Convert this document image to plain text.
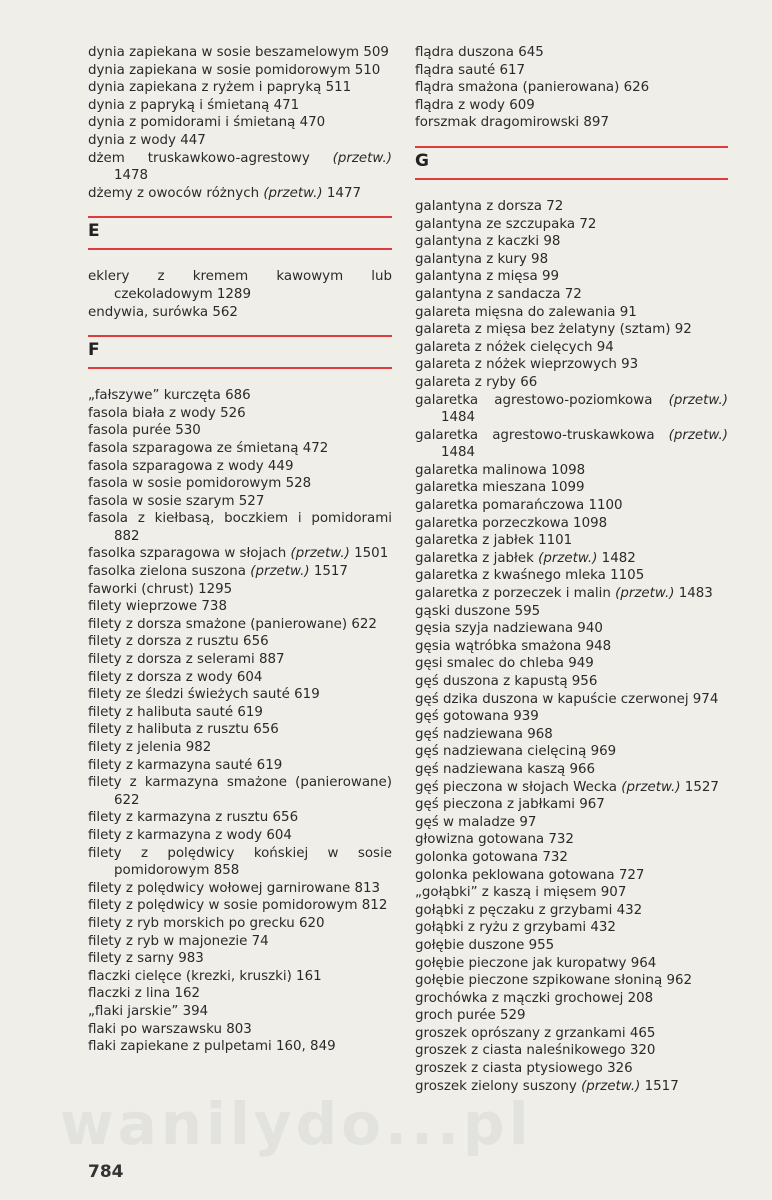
dynia zapiekana w sosie beszamelowym 509
dynia zapiekana w sosie pomidorowym 510
dynia zapiekana z ryżem i papryką 511
dynia z papryką i śmietaną 471
dynia z pomidorami i śmietaną 470
dynia z wody 447
dżem truskawkowo-agrestowy (przetw.) 1478
dżemy z owoców różnych (przetw.) 1477
E
eklery z kremem kawowym lub czekoladowym 1289
endywia, surówka 562
F
„fałszywe” kurczęta 686
fasola biała z wody 526
fasola purée 530
fasola szparagowa ze śmietaną 472
fasola szparagowa z wody 449
fasola w sosie pomidorowym 528
fasola w sosie szarym 527
fasola z kiełbasą, boczkiem i pomidorami 882
fasolka szparagowa w słojach (przetw.) 1501
fasolka zielona suszona (przetw.) 1517
faworki (chrust) 1295
filety wieprzowe 738
filety z dorsza smażone (panierowane) 622
filety z dorsza z rusztu 656
filety z dorsza z selerami 887
filety z dorsza z wody 604
filety ze śledzi świeżych sauté 619
filety z halibuta sauté 619
filety z halibuta z rusztu 656
filety z jelenia 982
filety z karmazyna sauté 619
filety z karmazyna smażone (panierowane) 622
filety z karmazyna z rusztu 656
filety z karmazyna z wody 604
filety z polędwicy końskiej w sosie pomidorowym 858
filety z polędwicy wołowej garnirowane 813
filety z polędwicy w sosie pomidorowym 812
filety z ryb morskich po grecku 620
filety z ryb w majonezie 74
filety z sarny 983
flaczki cielęce (krezki, kruszki) 161
flaczki z lina 162
„flaki jarskie” 394
flaki po warszawsku 803
flaki zapiekane z pulpetami 160, 849
flądra duszona 645
flądra sauté 617
flądra smażona (panierowana) 626
flądra z wody 609
forszmak dragomirowski 897
G
galantyna z dorsza 72
galantyna ze szczupaka 72
galantyna z kaczki 98
galantyna z kury 98
galantyna z mięsa 99
galantyna z sandacza 72
galareta mięsna do zalewania 91
galareta z mięsa bez żelatyny (sztam) 92
galareta z nóżek cielęcych 94
galareta z nóżek wieprzowych 93
galareta z ryby 66
galaretka agrestowo-poziomkowa (przetw.) 1484
galaretka agrestowo-truskawkowa (przetw.) 1484
galaretka malinowa 1098
galaretka mieszana 1099
galaretka pomarańczowa 1100
galaretka porzeczkowa 1098
galaretka z jabłek 1101
galaretka z jabłek (przetw.) 1482
galaretka z kwaśnego mleka 1105
galaretka z porzeczek i malin (przetw.) 1483
gąski duszone 595
gęsia szyja nadziewana 940
gęsia wątróbka smażona 948
gęsi smalec do chleba 949
gęś duszona z kapustą 956
gęś dzika duszona w kapuście czerwonej 974
gęś gotowana 939
gęś nadziewana 968
gęś nadziewana cielęciną 969
gęś nadziewana kaszą 966
gęś pieczona w słojach Wecka (przetw.) 1527
gęś pieczona z jabłkami 967
gęś w maladze 97
głowizna gotowana 732
golonka gotowana 732
golonka peklowana gotowana 727
„gołąbki” z kaszą i mięsem 907
gołąbki z pęczaku z grzybami 432
gołąbki z ryżu z grzybami 432
gołębie duszone 955
gołębie pieczone jak kuropatwy 964
gołębie pieczone szpikowane słoniną 962
grochówka z mączki grochowej 208
groch purée 529
groszek oprószany z grzankami 465
groszek z ciasta naleśnikowego 320
groszek z ciasta ptysiowego 326
groszek zielony suszony (przetw.) 1517
wanilydo...pl
784
